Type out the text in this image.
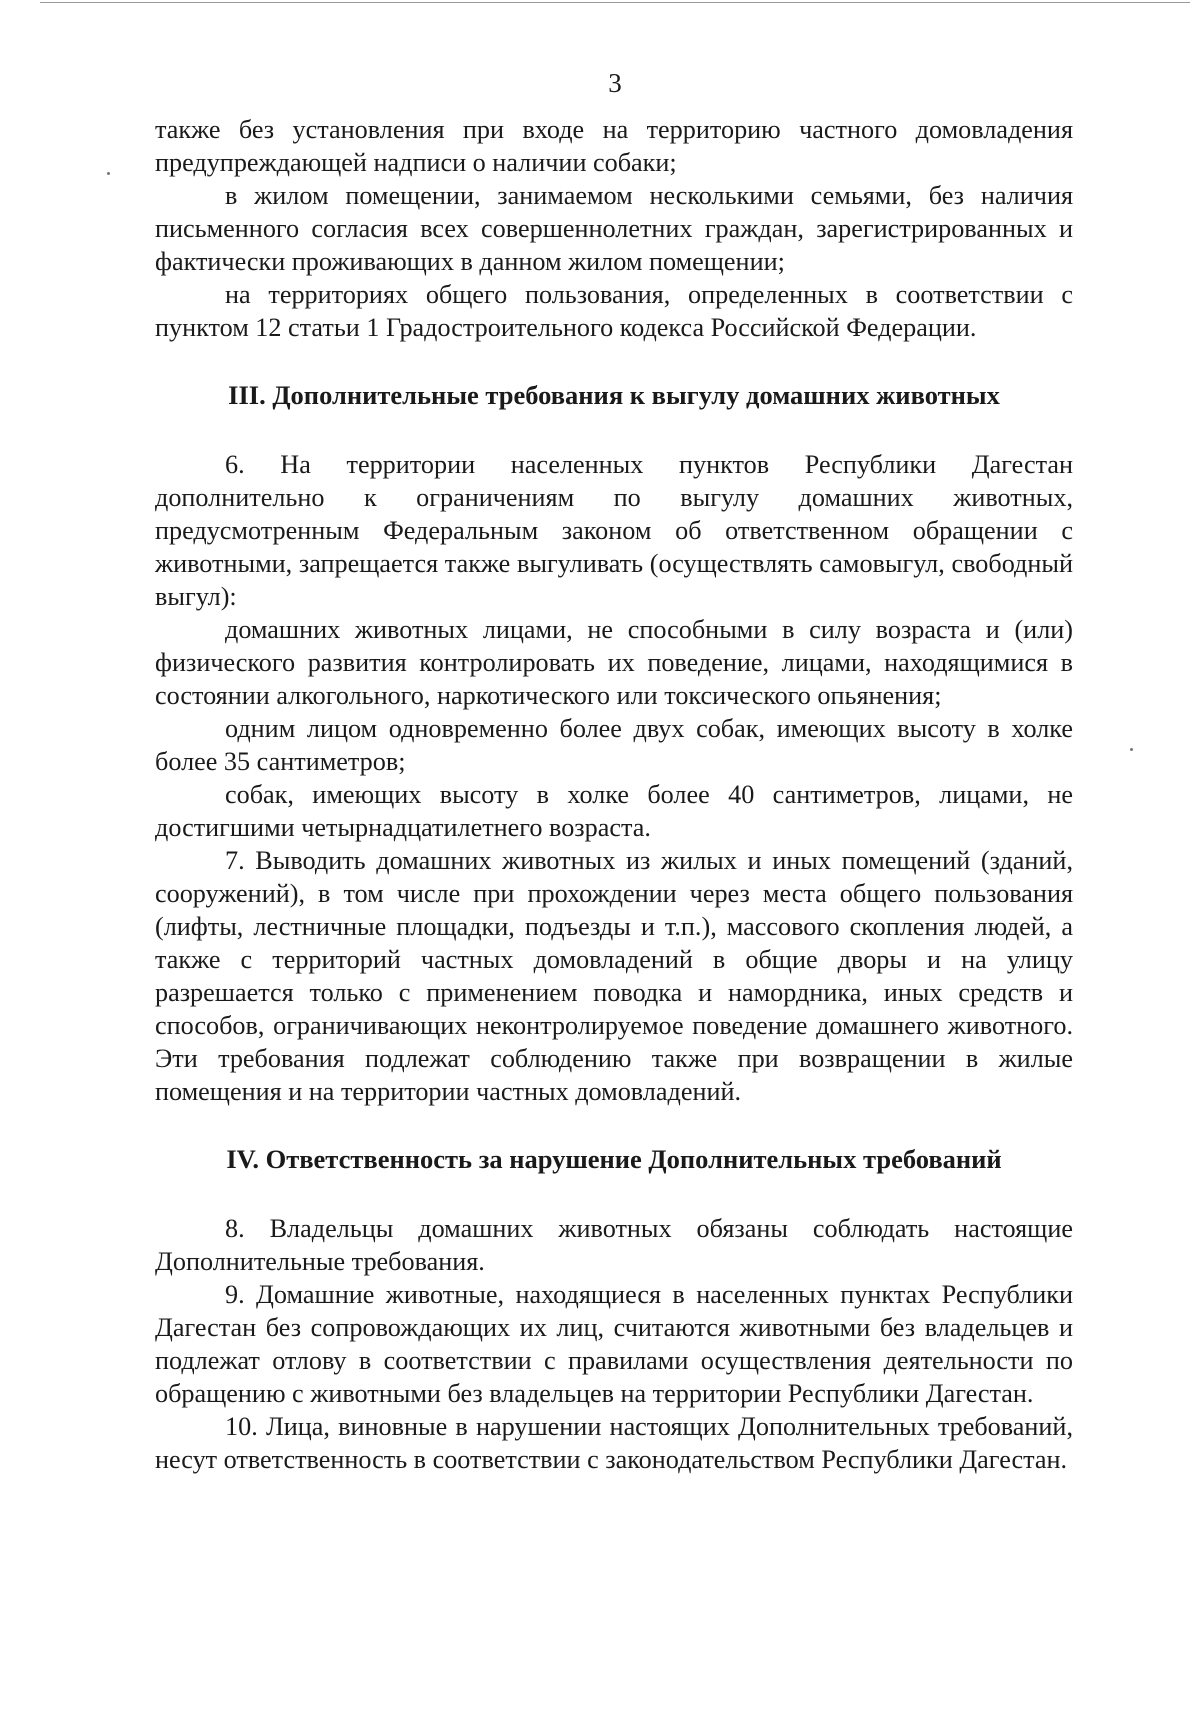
3

также без установления при входе на территорию частного домовладения предупреждающей надписи о наличии собаки;

в жилом помещении, занимаемом несколькими семьями, без наличия письменного согласия всех совершеннолетних граждан, зарегистрированных и фактически проживающих в данном жилом помещении;

на территориях общего пользования, определенных в соответствии с пунктом 12 статьи 1 Градостроительного кодекса Российской Федерации.

III. Дополнительные требования к выгулу домашних животных

6. На территории населенных пунктов Республики Дагестан дополнительно к ограничениям по выгулу домашних животных, предусмотренным Федеральным законом об ответственном обращении с животными, запрещается также выгуливать (осуществлять самовыгул, свободный выгул):

домашних животных лицами, не способными в силу возраста и (или) физического развития контролировать их поведение, лицами, находящимися в состоянии алкогольного, наркотического или токсического опьянения;

одним лицом одновременно более двух собак, имеющих высоту в холке более 35 сантиметров;

собак, имеющих высоту в холке более 40 сантиметров, лицами, не достигшими четырнадцатилетнего возраста.

7. Выводить домашних животных из жилых и иных помещений (зданий, сооружений), в том числе при прохождении через места общего пользования (лифты, лестничные площадки, подъезды и т.п.), массового скопления людей, а также с территорий частных домовладений в общие дворы и на улицу разрешается только с применением поводка и намордника, иных средств и способов, ограничивающих неконтролируемое поведение домашнего животного. Эти требования подлежат соблюдению также при возвращении в жилые помещения и на территории частных домовладений.

IV. Ответственность за нарушение Дополнительных требований

8. Владельцы домашних животных обязаны соблюдать настоящие Дополнительные требования.

9. Домашние животные, находящиеся в населенных пунктах Республики Дагестан без сопровождающих их лиц, считаются животными без владельцев и подлежат отлову в соответствии с правилами осуществления деятельности по обращению с животными без владельцев на территории Республики Дагестан.

10. Лица, виновные в нарушении настоящих Дополнительных требований, несут ответственность в соответствии с законодательством Республики Дагестан.
